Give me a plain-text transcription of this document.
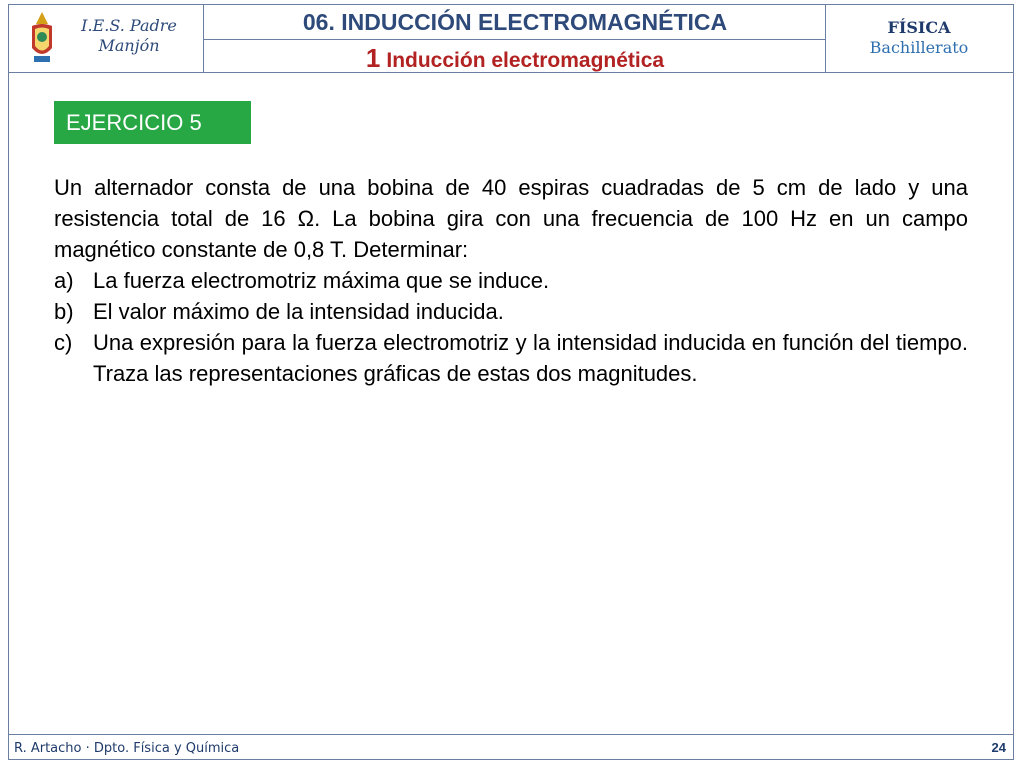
I.E.S. Padre
Manjón
06. INDUCCIÓN ELECTROMAGNÉTICA
1 Inducción electromagnética
FÍSICA
Bachillerato
EJERCICIO 5

Un alternador consta de una bobina de 40 espiras cuadradas de 5 cm de lado y una resistencia total de 16 Ω. La bobina gira con una frecuencia de 100 Hz en un campo magnético constante de 0,8 T. Determinar:

a) La fuerza electromotriz máxima que se induce.
b) El valor máximo de la intensidad inducida.
c) Una expresión para la fuerza electromotriz y la intensidad inducida en función del tiempo. Traza las representaciones gráficas de estas dos magnitudes.
R. Artacho · Dpto. Física y Química	24
